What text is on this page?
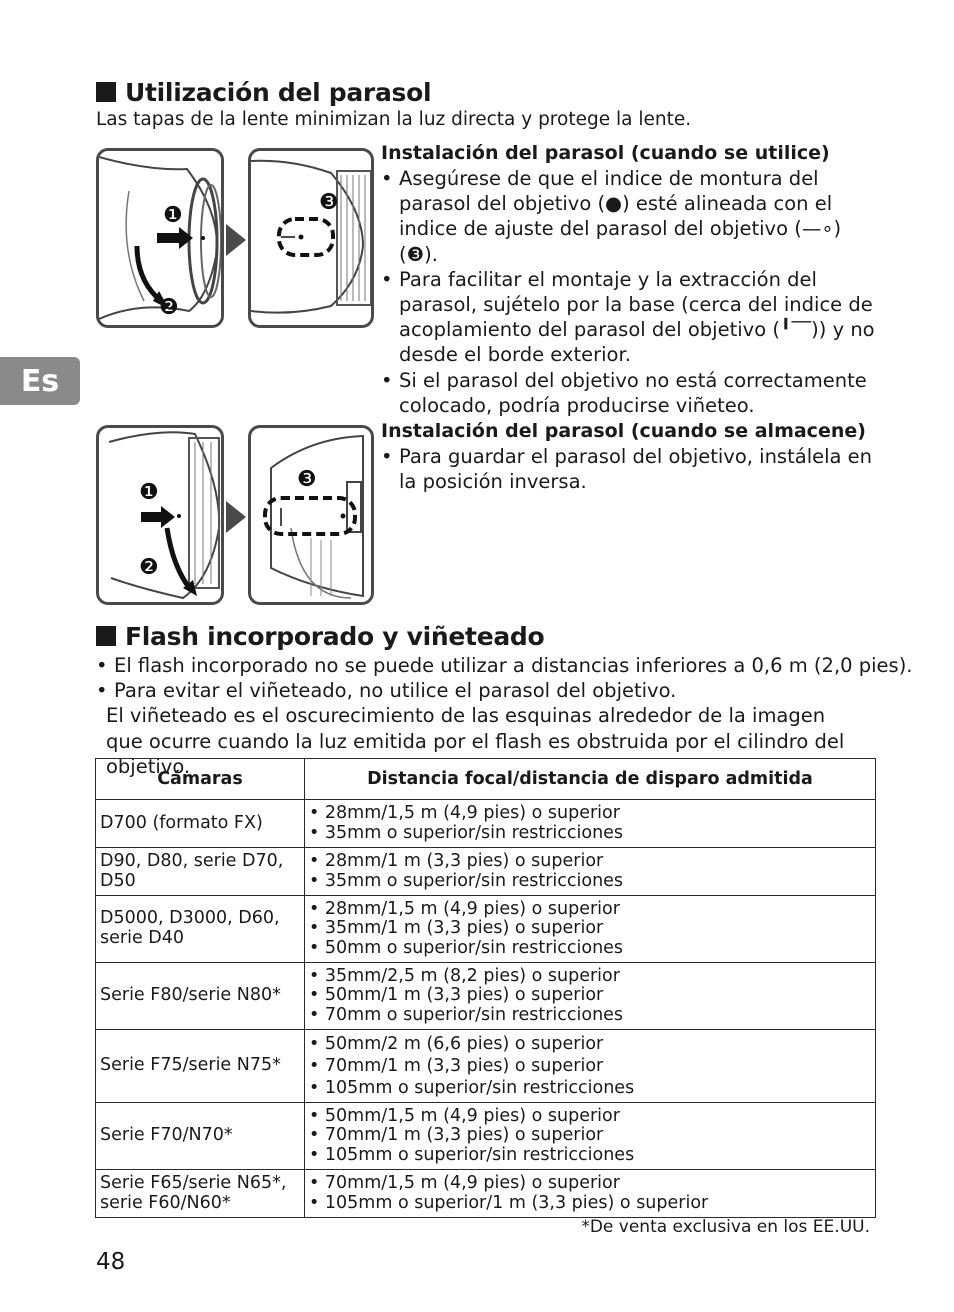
Es
Utilización del parasol
Las tapas de la lente minimizan la luz directa y protege la lente.
❶
❷
❸
Instalación del parasol (cuando se utilice)
• Asegúrese de que el indice de montura del parasol del objetivo (●) esté alineada con el indice de ajuste del parasol del objetivo (—∘) (❸).
• Para facilitar el montaje y la extracción del parasol, sujételo por la base (cerca del indice de acoplamiento del parasol del objetivo (╹‾‾)) y no desde el borde exterior.
• Si el parasol del objetivo no está correctamente colocado, podría producirse viñeteo.
❶
❷
❸
Instalación del parasol (cuando se almacene)
• Para guardar el parasol del objetivo, instálela en la posición inversa.
Flash incorporado y viñeteado
• El flash incorporado no se puede utilizar a distancias inferiores a 0,6 m (2,0 pies).
• Para evitar el viñeteado, no utilice el parasol del objetivo.
El viñeteado es el oscurecimiento de las esquinas alrededor de la imagen que ocurre cuando la luz emitida por el flash es obstruida por el cilindro del objetivo.
Cámaras	Distancia focal/distancia de disparo admitida
D700 (formato FX)	• 28mm/1,5 m (4,9 pies) o superior
• 35mm o superior/sin restricciones

D90, D80, serie D70, D50	• 28mm/1 m (3,3 pies) o superior
• 35mm o superior/sin restricciones

D5000, D3000, D60, serie D40	• 28mm/1,5 m (4,9 pies) o superior
• 35mm/1 m (3,3 pies) o superior
• 50mm o superior/sin restricciones

Serie F80/serie N80*	• 35mm/2,5 m (8,2 pies) o superior
• 50mm/1 m (3,3 pies) o superior
• 70mm o superior/sin restricciones

Serie F75/serie N75*	• 50mm/2 m (6,6 pies) o superior
• 70mm/1 m (3,3 pies) o superior
• 105mm o superior/sin restricciones

Serie F70/N70*	• 50mm/1,5 m (4,9 pies) o superior
• 70mm/1 m (3,3 pies) o superior
• 105mm o superior/sin restricciones

Serie F65/serie N65*, serie F60/N60*	• 70mm/1,5 m (4,9 pies) o superior
• 105mm o superior/1 m (3,3 pies) o superior
*De venta exclusiva en los EE.UU.
48
